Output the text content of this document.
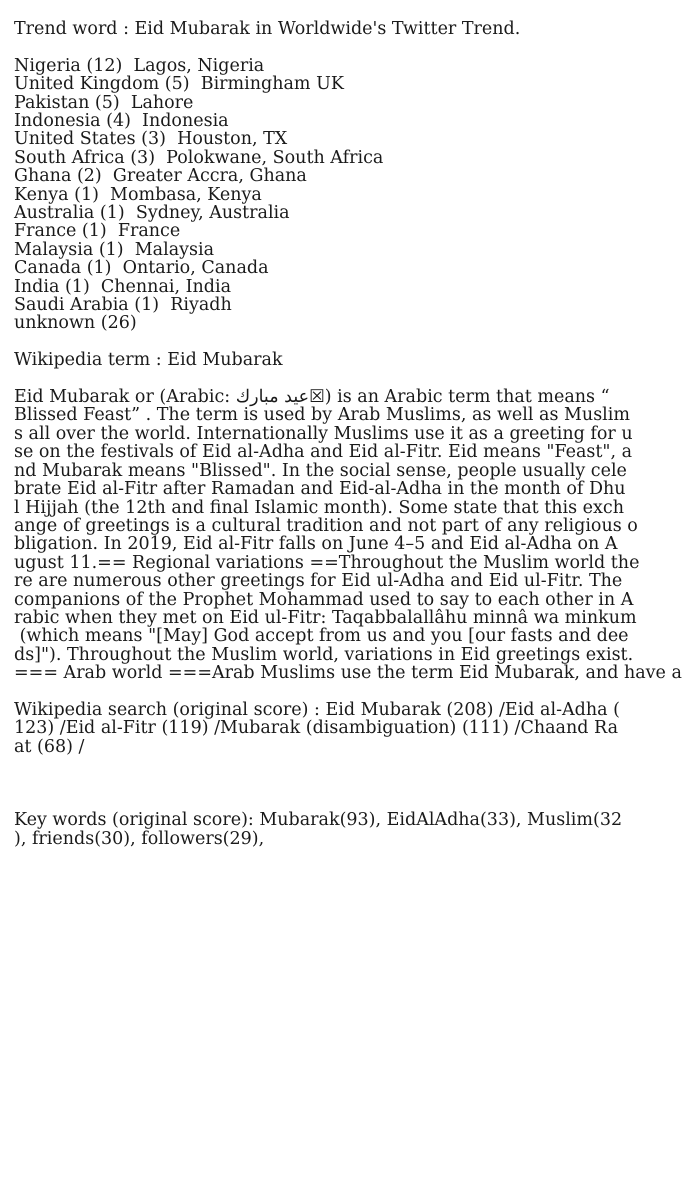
Trend word : Eid Mubarak in Worldwide's Twitter Trend.
Nigeria (12)  Lagos, Nigeria
United Kingdom (5)  Birmingham UK
Pakistan (5)  Lahore
Indonesia (4)  Indonesia
United States (3)  Houston, TX
South Africa (3)  Polokwane, South Africa
Ghana (2)  Greater Accra, Ghana
Kenya (1)  Mombasa, Kenya
Australia (1)  Sydney, Australia
France (1)  France
Malaysia (1)  Malaysia
Canada (1)  Ontario, Canada
India (1)  Chennai, India
Saudi Arabia (1)  Riyadh
unknown (26)
Wikipedia term : Eid Mubarak
Eid Mubarak or (Arabic: عيد مبارك☒) is an Arabic term that means “
Blissed Feast” . The term is used by Arab Muslims, as well as Muslim
s all over the world. Internationally Muslims use it as a greeting for u
se on the festivals of Eid al-Adha and Eid al-Fitr. Eid means "Feast", a
nd Mubarak means "Blissed". In the social sense, people usually cele
brate Eid al-Fitr after Ramadan and Eid-al-Adha in the month of Dhu
l Hijjah (the 12th and final Islamic month). Some state that this exch
ange of greetings is a cultural tradition and not part of any religious o
bligation. In 2019, Eid al-Fitr falls on June 4–5 and Eid al-Adha on A
ugust 11.== Regional variations ==Throughout the Muslim world the
re are numerous other greetings for Eid ul-Adha and Eid ul-Fitr. The
companions of the Prophet Mohammad used to say to each other in A
rabic when they met on Eid ul-Fitr: Taqabbalallâhu minnâ wa minkum
(which means "[May] God accept from us and you [our fasts and dee
ds]"). Throughout the Muslim world, variations in Eid greetings exist.
=== Arab world ===Arab Muslims use the term Eid Mubarak, and have a
Wikipedia search (original score) : Eid Mubarak (208) /Eid al-Adha (
123) /Eid al-Fitr (119) /Mubarak (disambiguation) (111) /Chaand Ra
at (68) /
Key words (original score): Mubarak(93), EidAlAdha(33), Muslim(32
), friends(30), followers(29),
